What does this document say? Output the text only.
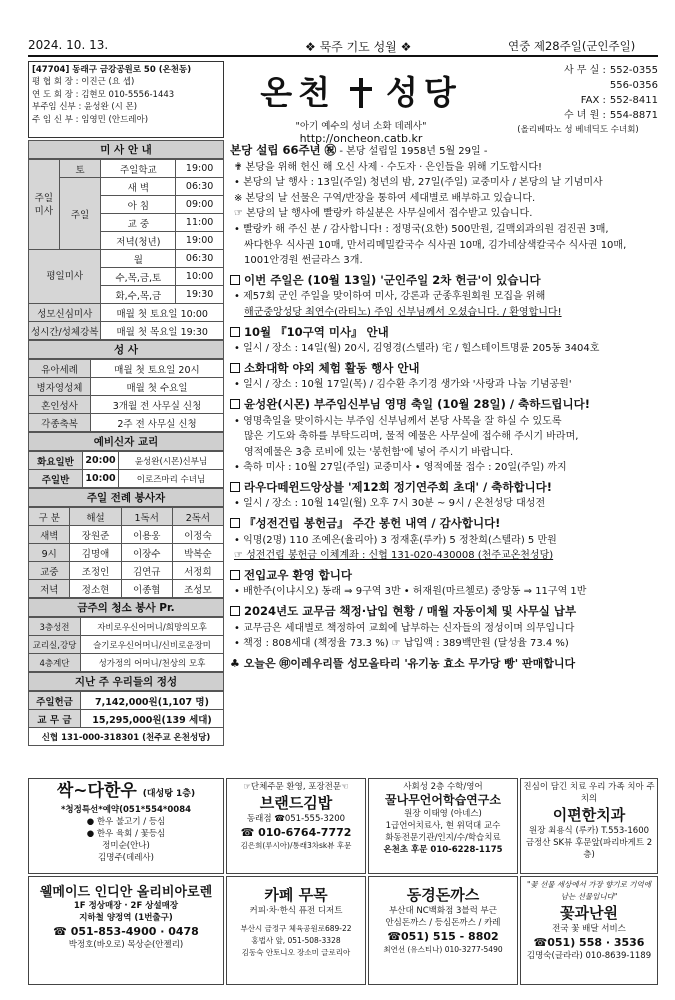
2024. 10. 13.	❖ 묵주 기도 성월 ❖	연중 제28주일(군인주일)
[47704] 동래구 금강공원로 50 (온천동)
평 협 회 장 : 이진근 (요 셉)
연 도 회 장 : 김현모 010-5556-1443
부주임 신부 : 윤성완 (시 몬)
주 임 신 부 : 임영민 (안드레아)
온천 성당
"아기 예수의 성녀 소화 데레사"
http://oncheon.catb.kr
사 무 실 : 552-0355
556-0356
FAX : 552-8411
수 녀 원 : 554-8871
(올리베따노 성 베네딕도 수녀회)
미 사 안 내
주일미사	토	주일학교	19:00
	주일	새 벽	06:30
		아 침	09:00
		교 중	11:00
		저녁(청년)	19:00
평일미사		월	06:30
		수,목,금,토	10:00
		화,수,목,금	19:30
성모신심미사		매월 첫 토요일 10:00	
성시간/성체강복		매월 첫 목요일 19:30	
성 사
유아세례	매월 첫 토요일 20시
병자영성체	매월 첫 수요일
혼인성사	3개월 전 사무실 신청
각종축복	2주 전 사무실 신청
예비신자 교리
화요일반	20:00	윤성완(시몬)신부님
주일반	10:00	이로즈마리 수녀님
주일 전례 봉사자
구 분	해설	1독서	2독서
새벽	장원준	이용웅	이정숙
9시	김명애	이장수	박복순
교중	조정인	김연규	서정희
저녁	정소현	이종협	조성모
금주의 청소 봉사 Pr.
3층성전	자비로우신어머니/희망의모후
교리실,강당	슬기로우신어머니/신비로운장미
4층계단	성가정의 어머니/천상의 모후
지난 주 우리들의 정성
주일헌금	7,142,000원(1,107 명)
교 무 금	15,295,000원(139 세대)
신협 131-000-318301 (천주교 온천성당)	
본당 설립 66주년 ㊗ - 본당 설립일 1958년 5월 29일 -
✟ 본당을 위해 헌신 해 오신 사제 · 수도자 · 은인들을 위해 기도합시다!
• 본당의 날 행사 : 13일(주일) 청년의 밤, 27일(주일) 교중미사 / 본당의 날 기념미사
※ 본당의 날 선물은 구역/반장을 통하여 세대별로 배부하고 있습니다.
☞ 본당의 날 행사에 빨랑카 하실분은 사무실에서 접수받고 있습니다.
• 빨랑카 해 주신 분 / 감사합니다! : 정명국(요한) 500만원, 길맥외과의원 검진권 3매,
싸다한우 식사권 10매, 만서리메밀칼국수 식사권 10매, 김가네삼색칼국수 식사권 10매,
1001안경원 썬글라스 3개.
이번 주일은 (10월 13일) '군인주일 2차 헌금'이 있습니다
• 제57회 군인 주일을 맞이하여 미사, 강론과 군종후원회원 모집을 위해
해군중앙성당 최연수(라티노) 주임 신부님께서 오셨습니다. / 환영합니다!
10월 『10구역 미사』 안내
• 일시 / 장소 : 14일(월) 20시, 김영경(스텔라) 宅 / 힐스테이트명륜 205동 3404호
소화대학 야외 체험 활동 행사 안내
• 일시 / 장소 : 10월 17일(목) / 김수환 추기경 생가와 '사랑과 나눔 기념공원'
윤성완(시몬) 부주임신부님 영명 축일 (10월 28일) / 축하드립니다!
• 영명축일을 맞이하시는 부주임 신부님께서 본당 사목을 잘 하실 수 있도록
많은 기도와 축하를 부탁드리며, 물적 예물은 사무실에 접수해 주시기 바라며,
영적예물은 3층 로비에 있는 '봉헌함'에 넣어 주시기 바랍니다.
• 축하 미사 : 10월 27일(주일) 교중미사 • 영적예물 접수 : 20일(주일) 까지
라우다떼윈드앙상블 '제12회 정기연주회 초대' / 축하합니다!
• 일시 / 장소 : 10월 14일(월) 오후 7시 30분 ~ 9시 / 온천성당 대성전
『성전건립 봉헌금』 주간 봉헌 내역 / 감사합니다!
• 익명(2명) 110 조예은(율리아) 3 정재훈(루카) 5 정찬희(스텔라) 5 만원
☞ 성전건립 봉헌금 이체계좌 : 신협 131-020-430008 (천주교온천성당)
전입교우 환영 합니다
• 배한주(이냐시오) 동래 ⇒ 9구역 3반 • 허재원(마르첼로) 중앙동 ⇒ 11구역 1반
2024년도 교무금 책정·납입 현황 / 매월 자동이체 및 사무실 납부
• 교무금은 세대별로 책정하여 교회에 납부하는 신자들의 정성이며 의무입니다
• 책정 : 808세대 (책정율 73.3 %) ☞ 납입액 : 389백만원 (달성율 73.4 %)
♣ 오늘은 ㊞이레우리뜰 성모올타리 '유기농 효소 무가당 빵' 판매합니다
싹~다한우 (대성탕 1층)
*청정특선*예약(051*554*0084
● 한우 불고기 / 등심
● 한우 육회 / 꽃등심
정미순(안나)
김명주(데레사)
☞단체주문 환영, 포장전문☜
브랜드김밥
동래점 ☎051-555-3200
☎ 010-6764-7772
김은희(루시아)/통래3차sk뷰 후문
사회성 2층 수학/영어
꿀나무언어학습연구소
원장 이태영 (아네스)
1급언어치료사, 현 위덕대 교수
화동전문기관/인지/수/학습치료
온천초 후문 010-6228-1175
진심이 담긴 치료 우리 가족 치아 주치의
이편한치과
원장 최용식 (루카) T.553-1600
금정산 SK뷰 후문앞(파리바게트 2층)
웰메이드 인디안 올리비아로렌
1F 정상매장 · 2F 상설매장
지하철 양정역 (1번출구)
☎ 051-853-4900 · 0478
박정호(바오로) 목상순(안젤리)
카페 무목
커피·차·한식 퓨전 디저트
부산시 금정구 체육공원로689-22
홍법사 앞, 051-508-3328
김동숙 안토니오 장소미 글로리아
동경돈까스
부산대 NC백화점 3블럭 부근
안심돈까스 / 등심돈까스 / 카레
☎051) 515 - 8802
최연선 (유스티나) 010-3277-5490
"꽃 선물 세상에서 가장 향기로 기억에 남는 선물입니다"
꽃과난원
전국 꽃 배달 서비스
☎051) 558 · 3536
김명숙(글라라) 010-8639-1189
